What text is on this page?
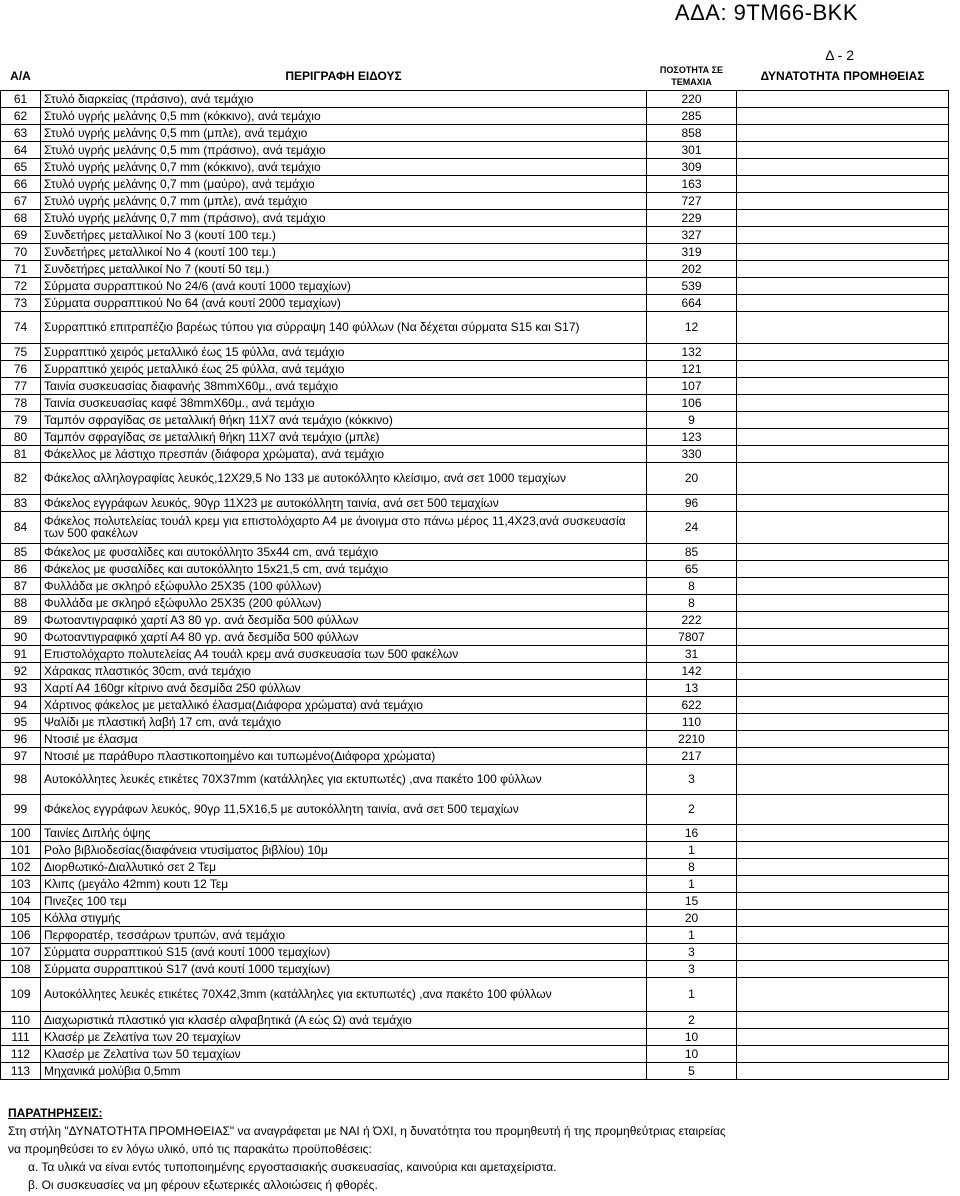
ΑΔΑ: 9ΤΜ66-ΒΚΚ
Δ - 2
Α/Α	ΠΕΡΙΓΡΑΦΗ ΕΙΔΟΥΣ	ΠΟΣΟΤΗΤΑ ΣΕ ΤΕΜΑΧΙΑ	ΔΥΝΑΤΟΤΗΤΑ ΠΡΟΜΗΘΕΙΑΣ
61	Στυλό διαρκείας (πράσινο), ανά τεμάχιο	220	
62	Στυλό υγρής μελάνης 0,5 mm (κόκκινο), ανά τεμάχιο	285	
63	Στυλό υγρής μελάνης 0,5 mm (μπλε), ανά τεμάχιο	858	
64	Στυλό υγρής μελάνης 0,5 mm (πράσινο), ανά τεμάχιο	301	
65	Στυλό υγρής μελάνης 0,7 mm (κόκκινο), ανά τεμάχιο	309	
66	Στυλό υγρής μελάνης 0,7 mm (μαύρο), ανά τεμάχιο	163	
67	Στυλό υγρής μελάνης 0,7 mm (μπλε), ανά τεμάχιο	727	
68	Στυλό υγρής μελάνης 0,7 mm (πράσινο), ανά τεμάχιο	229	
69	Συνδετήρες μεταλλικοί Νο 3 (κουτί 100 τεμ.)	327	
70	Συνδετήρες μεταλλικοί Νο 4 (κουτί 100 τεμ.)	319	
71	Συνδετήρες μεταλλικοί Νο 7 (κουτί 50 τεμ.)	202	
72	Σύρματα συρραπτικού Νο 24/6 (ανά κουτί 1000 τεμαχίων)	539	
73	Σύρματα συρραπτικού Νο 64 (ανά κουτί 2000 τεμαχίων)	664	
74	Συρραπτικό επιτραπέζιο βαρέως τύπου για σύρραψη 140 φύλλων (Να δέχεται σύρματα S15 και S17)	12	
75	Συρραπτικό χειρός μεταλλικό έως 15 φύλλα, ανά τεμάχιο	132	
76	Συρραπτικό χειρός μεταλλικό έως 25 φύλλα, ανά τεμάχιο	121	
77	Ταινία συσκευασίας διαφανής 38mmX60μ., ανά τεμάχιο	107	
78	Ταινία συσκευασίας καφέ 38mmX60μ., ανά τεμάχιο	106	
79	Ταμπόν σφραγίδας σε μεταλλική θήκη 11Χ7 ανά τεμάχιο (κόκκινο)	9	
80	Ταμπόν σφραγίδας σε μεταλλική θήκη 11Χ7 ανά τεμάχιο (μπλε)	123	
81	Φάκελλος με λάστιχο πρεσπάν (διάφορα χρώματα), ανά τεμάχιο	330	
82	Φάκελος αλληλογραφίας λευκός,12Χ29,5 Νο 133 με αυτοκόλλητο κλείσιμο, ανά σετ 1000 τεμαχίων	20	
83	Φάκελος εγγράφων λευκός, 90γρ 11Χ23 με αυτοκόλλητη ταινία, ανά σετ 500 τεμαχίων	96	
84	Φάκελος πολυτελείας τουάλ κρεμ για επιστολόχαρτο Α4 με άνοιγμα στο πάνω μέρος 11,4Χ23,ανά συσκευασία των 500 φακέλων	24	
85	Φάκελος με φυσαλίδες και αυτοκόλλητο 35x44 cm, ανά τεμάχιο	85	
86	Φάκελος με φυσαλίδες και αυτοκόλλητο 15x21,5 cm, ανά τεμάχιο	65	
87	Φυλλάδα με σκληρό εξώφυλλο 25Χ35 (100 φύλλων)	8	
88	Φυλλάδα με σκληρό εξώφυλλο 25Χ35 (200 φύλλων)	8	
89	Φωτοαντιγραφικό χαρτί Α3 80 γρ. ανά δεσμίδα 500 φύλλων	222	
90	Φωτοαντιγραφικό χαρτί Α4 80 γρ. ανά δεσμίδα 500 φύλλων	7807	
91	Επιστολόχαρτο πολυτελείας Α4 τουάλ κρεμ ανά συσκευασία των 500 φακέλων	31	
92	Χάρακας πλαστικός 30cm, ανά τεμάχιο	142	
93	Χαρτί Α4 160gr κίτρινο ανά δεσμίδα 250 φύλλων	13	
94	Χάρτινος φάκελος με μεταλλικό έλασμα(Διάφορα χρώματα) ανά τεμάχιο	622	
95	Ψαλίδι με πλαστική λαβή 17 cm, ανά τεμάχιο	110	
96	Ντοσιέ με έλασμα	2210	
97	Ντοσιέ με παράθυρο πλαστικοποιημένο και τυπωμένο(Διάφορα χρώματα)	217	
98	Αυτοκόλλητες λευκές ετικέτες 70Χ37mm (κατάλληλες για εκτυπωτές) ,ανα πακέτο 100 φύλλων	3	
99	Φάκελος εγγράφων λευκός, 90γρ 11,5Χ16,5 με αυτοκόλλητη ταινία, ανά σετ 500 τεμαχίων	2	
100	Ταινίες Διπλής όψης	16	
101	Ρολο βιβλιοδεσίας(διαφάνεια ντυσίματος βιβλίου) 10μ	1	
102	Διορθωτικό-Διαλλυτικό σετ 2 Τεμ	8	
103	Κλιπς (μεγάλο 42mm) κουτι 12 Τεμ	1	
104	Πινεζες 100 τεμ	15	
105	Κόλλα στιγμής	20	
106	Περφορατέρ, τεσσάρων τρυπών, ανά τεμάχιο	1	
107	Σύρματα συρραπτικού S15 (ανά κουτί 1000 τεμαχίων)	3	
108	Σύρματα συρραπτικού S17 (ανά κουτί 1000 τεμαχίων)	3	
109	Αυτοκόλλητες λευκές ετικέτες 70Χ42,3mm (κατάλληλες για εκτυπωτές) ,ανα πακέτο 100 φύλλων	1	
110	Διαχωριστικά πλαστικό για κλασέρ αλφαβητικά (Α εώς Ω) ανά τεμάχιο	2	
111	Κλασέρ με Ζελατίνα των 20 τεμαχίων	10	
112	Κλασέρ με Ζελατίνα των 50 τεμαχίων	10	
113	Μηχανικά μολύβια 0,5mm	5	
ΠΑΡΑΤΗΡΗΣΕΙΣ:
Στη στήλη "ΔΥΝΑΤΟΤΗΤΑ ΠΡΟΜΗΘΕΙΑΣ" να αναγράφεται με ΝΑΙ ή ΌΧΙ, η δυνατότητα του προμηθευτή ή της προμηθεύτριας εταιρείας
να προμηθεύσει το εν λόγω υλικό, υπό τις παρακάτω προϋποθέσεις:
α. Τα υλικά να είναι εντός τυποποιημένης εργοστασιακής συσκευασίας, καινούρια και αμεταχείριστα.
β. Οι συσκευασίες να μη φέρουν εξωτερικές αλλοιώσεις ή φθορές.
